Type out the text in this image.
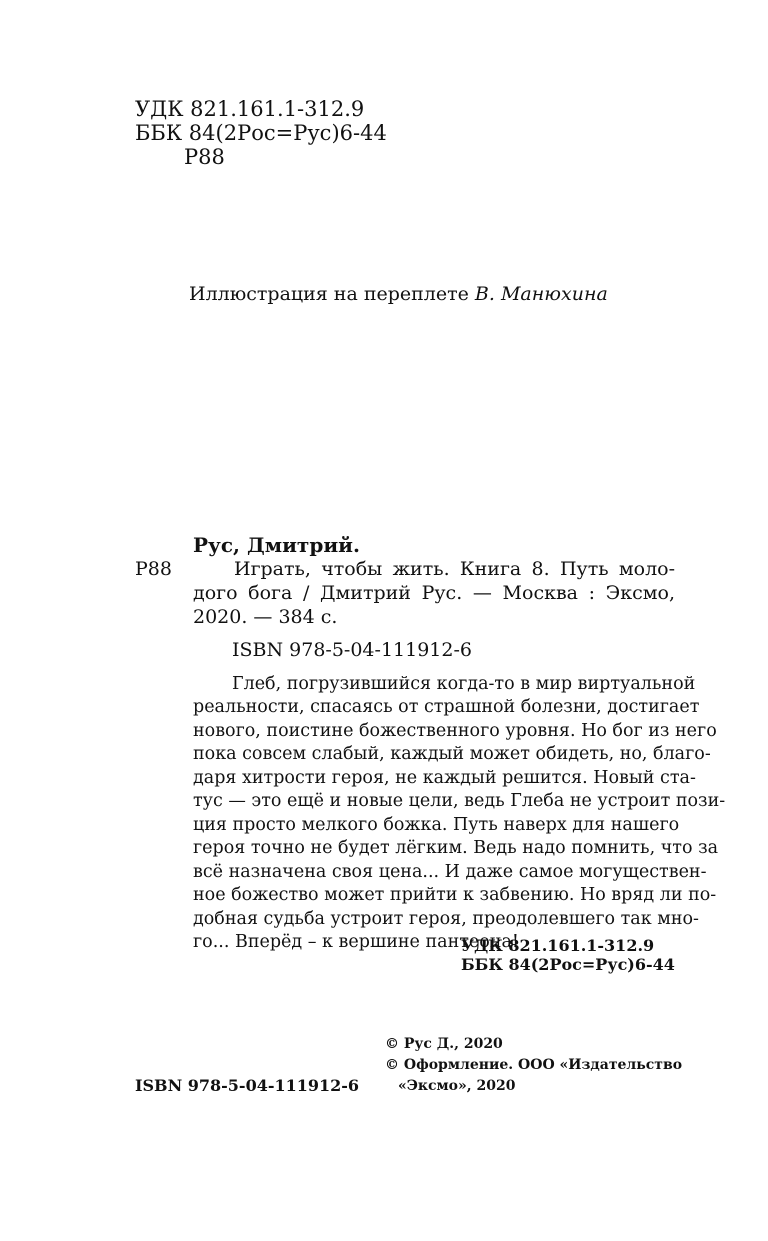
УДК 821.161.1-312.9
ББК 84(2Рос=Рус)6-44
Р88
Иллюстрация на переплете В. Манюхина
Рус, Дмитрий.
Р88	Играть, чтобы жить. Книга 8. Путь моло-
дого бога / Дмитрий Рус. — Москва : Эксмо,
2020. — 384 с.
ISBN 978-5-04-111912-6
Глеб, погрузившийся когда-то в мир виртуальной
реальности, спасаясь от страшной болезни, достигает
нового, поистине божественного уровня. Но бог из него
пока совсем слабый, каждый может обидеть, но, благо-
даря хитрости героя, не каждый решится. Новый ста-
тус — это ещё и новые цели, ведь Глеба не устроит пози-
ция просто мелкого божка. Путь наверх для нашего
героя точно не будет лёгким. Ведь надо помнить, что за
всё назначена своя цена... И даже самое могуществен-
ное божество может прийти к забвению. Но вряд ли по-
добная судьба устроит героя, преодолевшего так мно-
го... Вперёд – к вершине пантеона!
УДК 821.161.1-312.9
ББК 84(2Рос=Рус)6-44
© Рус Д., 2020
© Оформление. ООО «Издательство
«Эксмо», 2020
ISBN 978-5-04-111912-6
